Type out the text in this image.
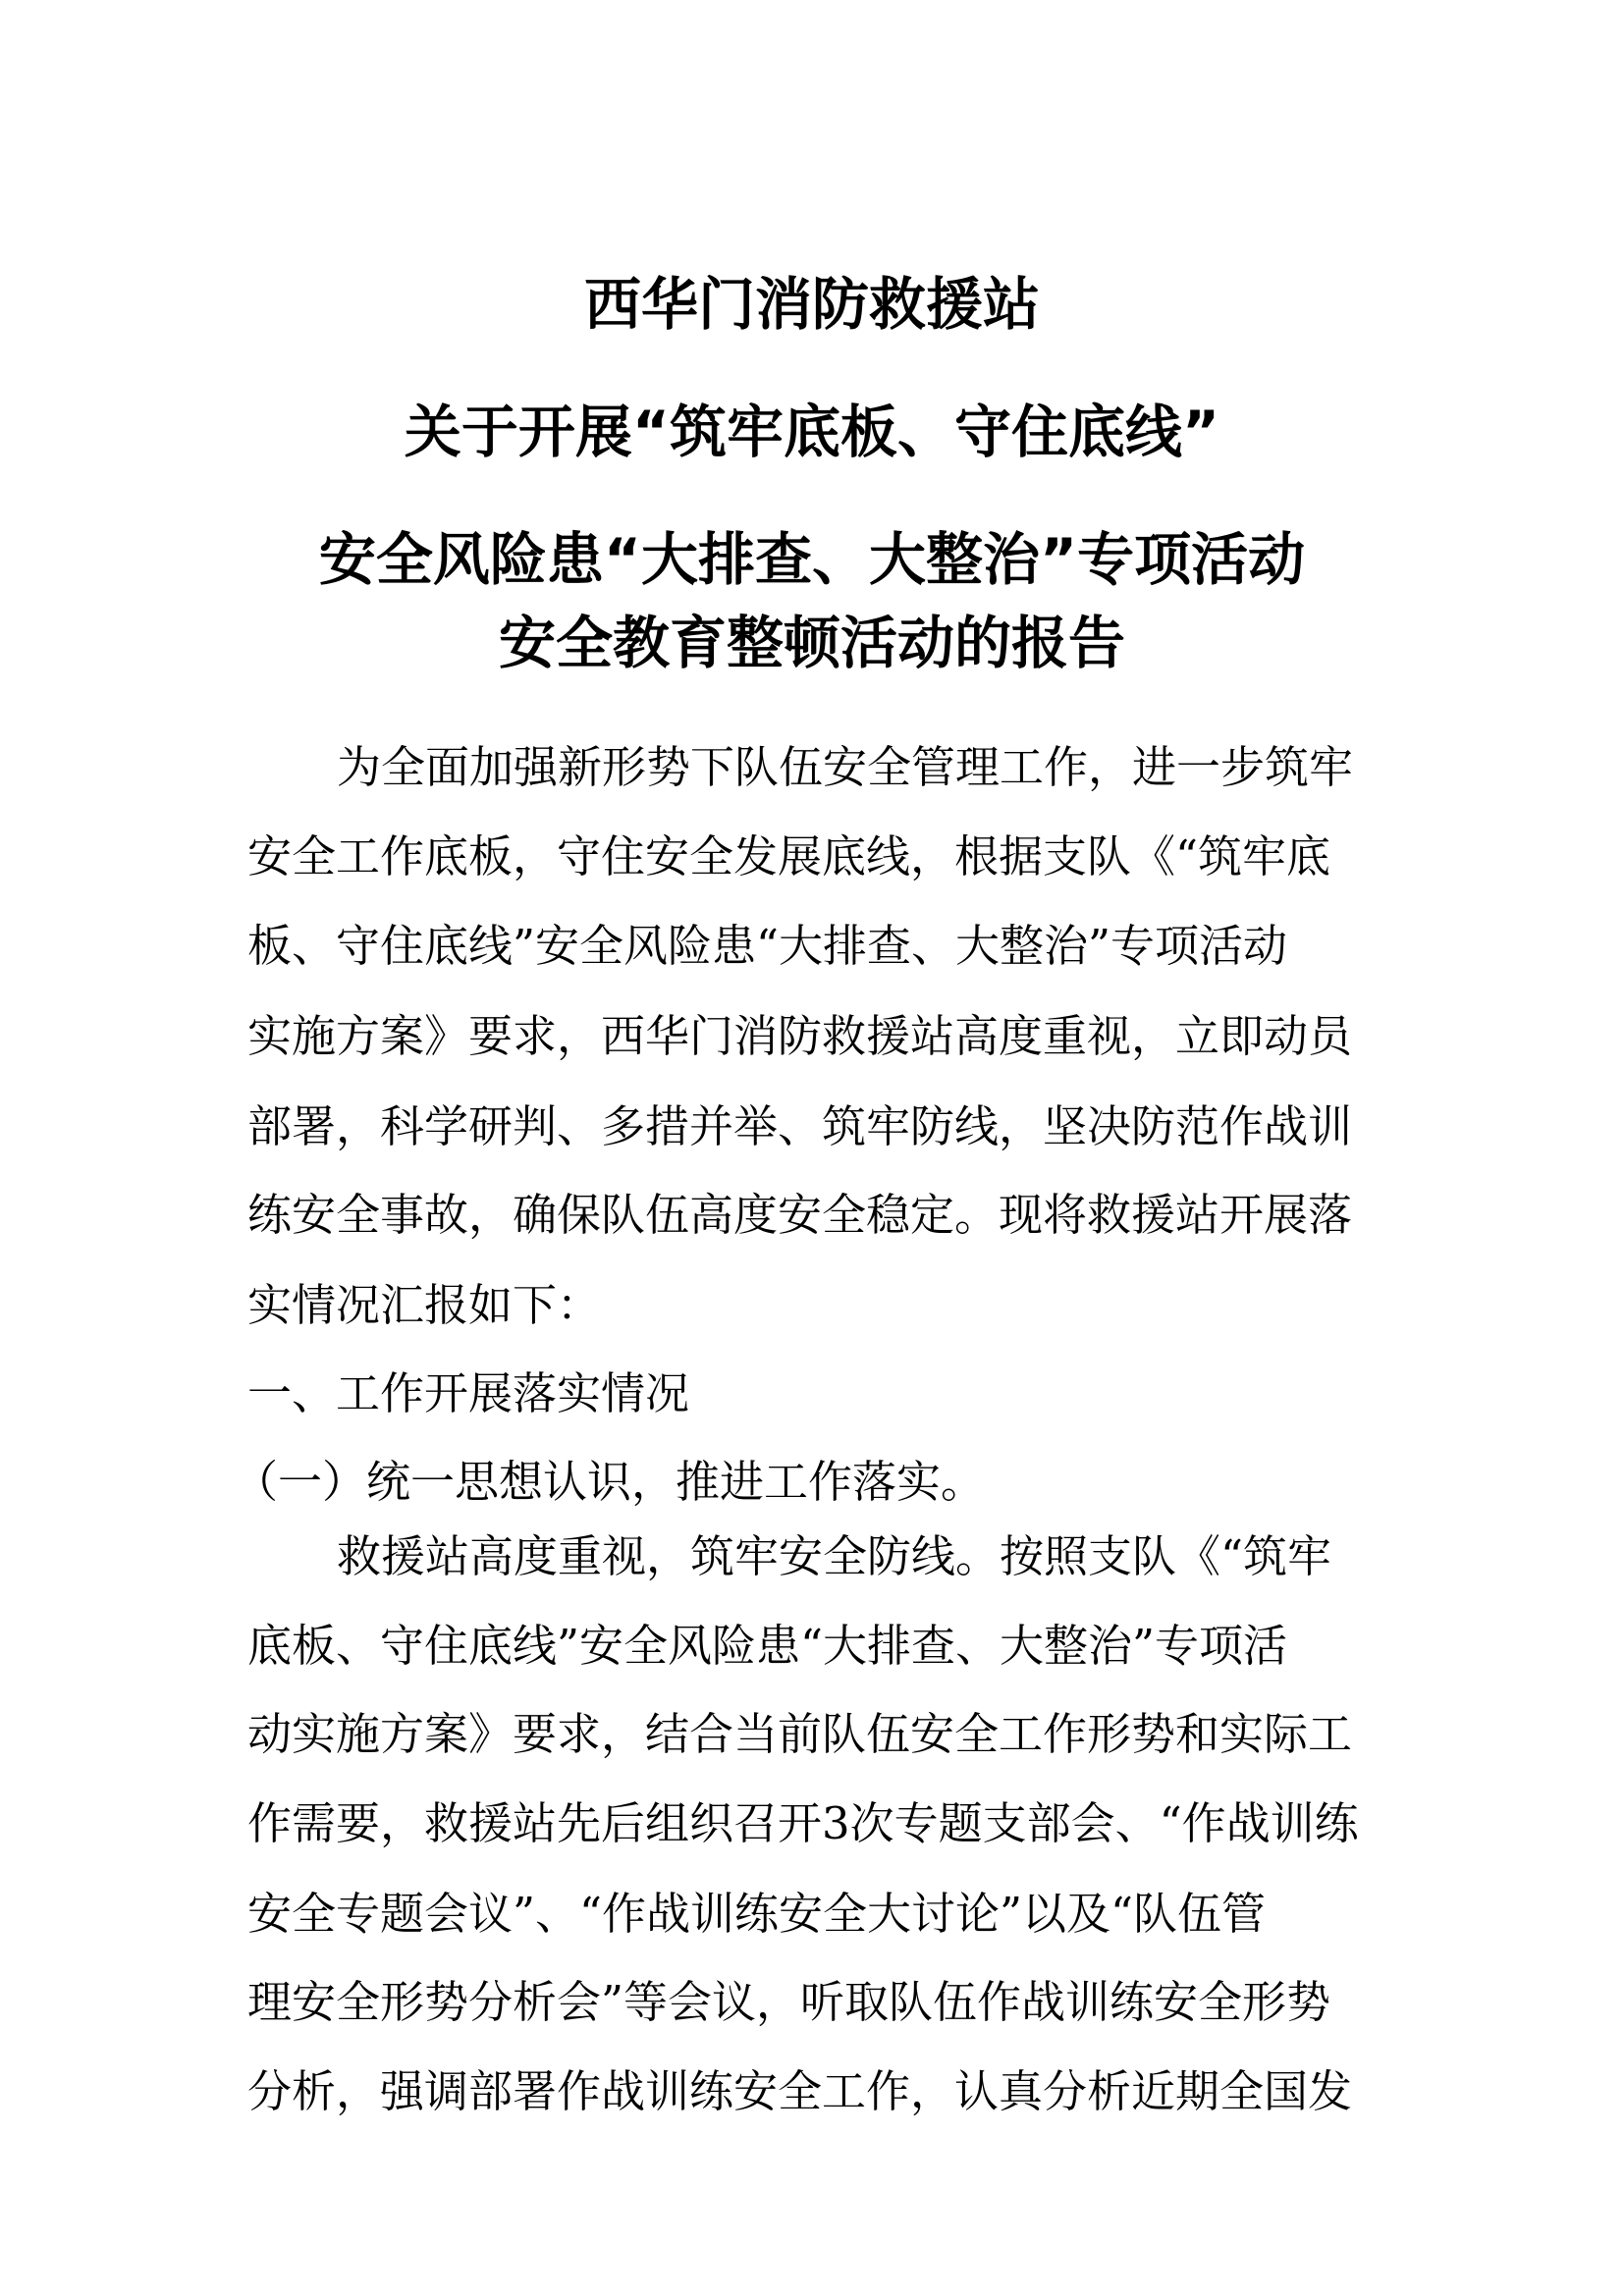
西华门消防救援站
关于开展“筑牢底板、守住底线”
安全风险患“大排查、大整治”专项活动
安全教育整顿活动的报告
为全面加强新形势下队伍安全管理工作，进一步筑牢
安全工作底板，守住安全发展底线，根据支队《“筑牢底
板、守住底线”安全风险患“大排查、大整治”专项活动
实施方案》要求，西华门消防救援站高度重视，立即动员
部署，科学研判、多措并举、筑牢防线，坚决防范作战训
练安全事故，确保队伍高度安全稳定。现将救援站开展落
实情况汇报如下：
一、工作开展落实情况
（一）统一思想认识，推进工作落实。
救援站高度重视，筑牢安全防线。按照支队《“筑牢
底板、守住底线”安全风险患“大排查、大整治”专项活
动实施方案》要求，结合当前队伍安全工作形势和实际工
作需要，救援站先后组织召开3次专题支部会、“作战训练
安全专题会议”、“作战训练安全大讨论”以及“队伍管
理安全形势分析会”等会议，听取队伍作战训练安全形势
分析，强调部署作战训练安全工作，认真分析近期全国发
